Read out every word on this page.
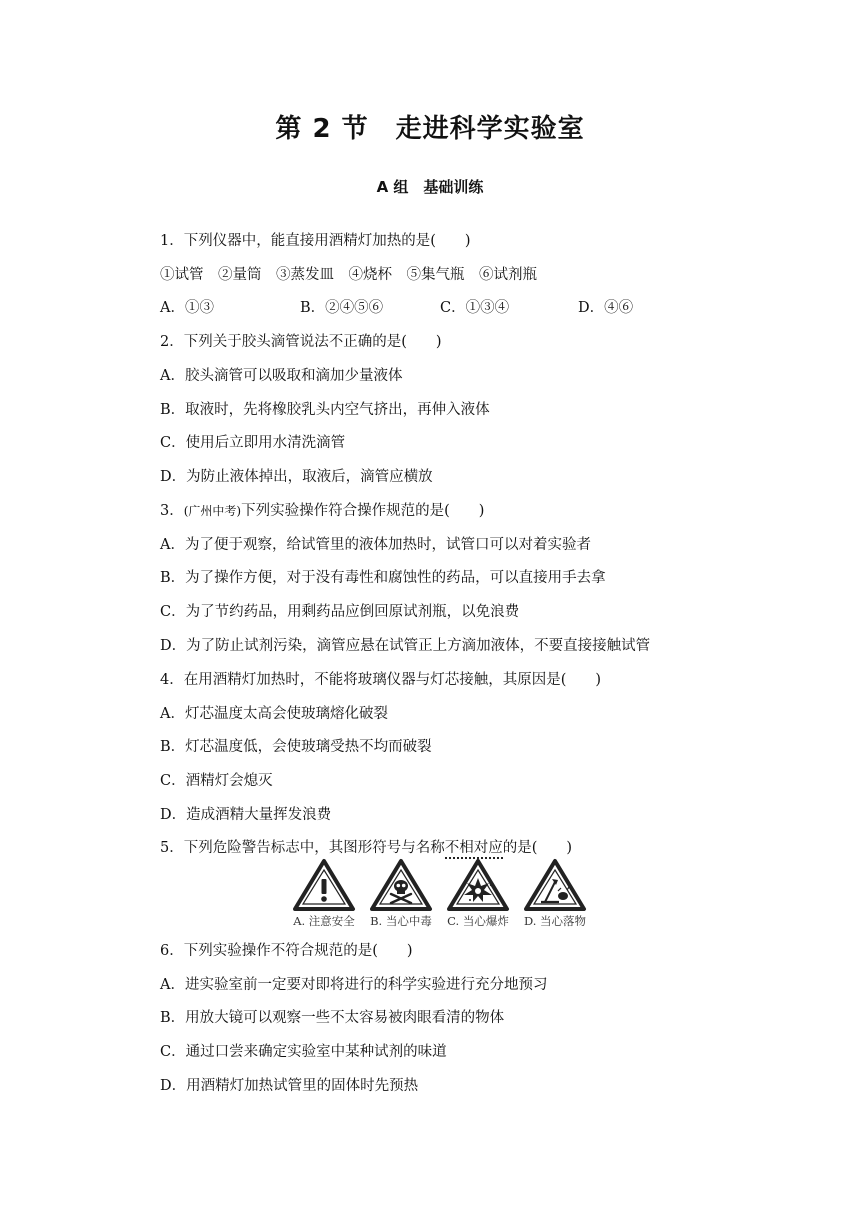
第 2 节　走进科学实验室
A 组　基础训练
1．下列仪器中，能直接用酒精灯加热的是(　　)
①试管　②量筒　③蒸发皿　④烧杯　⑤集气瓶　⑥试剂瓶
A．①③	B．②④⑤⑥	C．①③④	D．④⑥
2．下列关于胶头滴管说法不正确的是(　　)
A．胶头滴管可以吸取和滴加少量液体
B．取液时，先将橡胶乳头内空气挤出，再伸入液体
C．使用后立即用水清洗滴管
D．为防止液体掉出，取液后，滴管应横放
3．(广州中考)下列实验操作符合操作规范的是(　　)
A．为了便于观察，给试管里的液体加热时，试管口可以对着实验者
B．为了操作方便，对于没有毒性和腐蚀性的药品，可以直接用手去拿
C．为了节约药品，用剩药品应倒回原试剂瓶，以免浪费
D．为了防止试剂污染，滴管应悬在试管正上方滴加液体，不要直接接触试管
4．在用酒精灯加热时，不能将玻璃仪器与灯芯接触，其原因是(　　)
A．灯芯温度太高会使玻璃熔化破裂
B．灯芯温度低，会使玻璃受热不均而破裂
C．酒精灯会熄灭
D．造成酒精大量挥发浪费
5．下列危险警告标志中，其图形符号与名称不相对应的是(　　)
A. 注意安全	B. 当心中毒	C. 当心爆炸	D. 当心落物
6．下列实验操作不符合规范的是(　　)
A．进实验室前一定要对即将进行的科学实验进行充分地预习
B．用放大镜可以观察一些不太容易被肉眼看清的物体
C．通过口尝来确定实验室中某种试剂的味道
D．用酒精灯加热试管里的固体时先预热
